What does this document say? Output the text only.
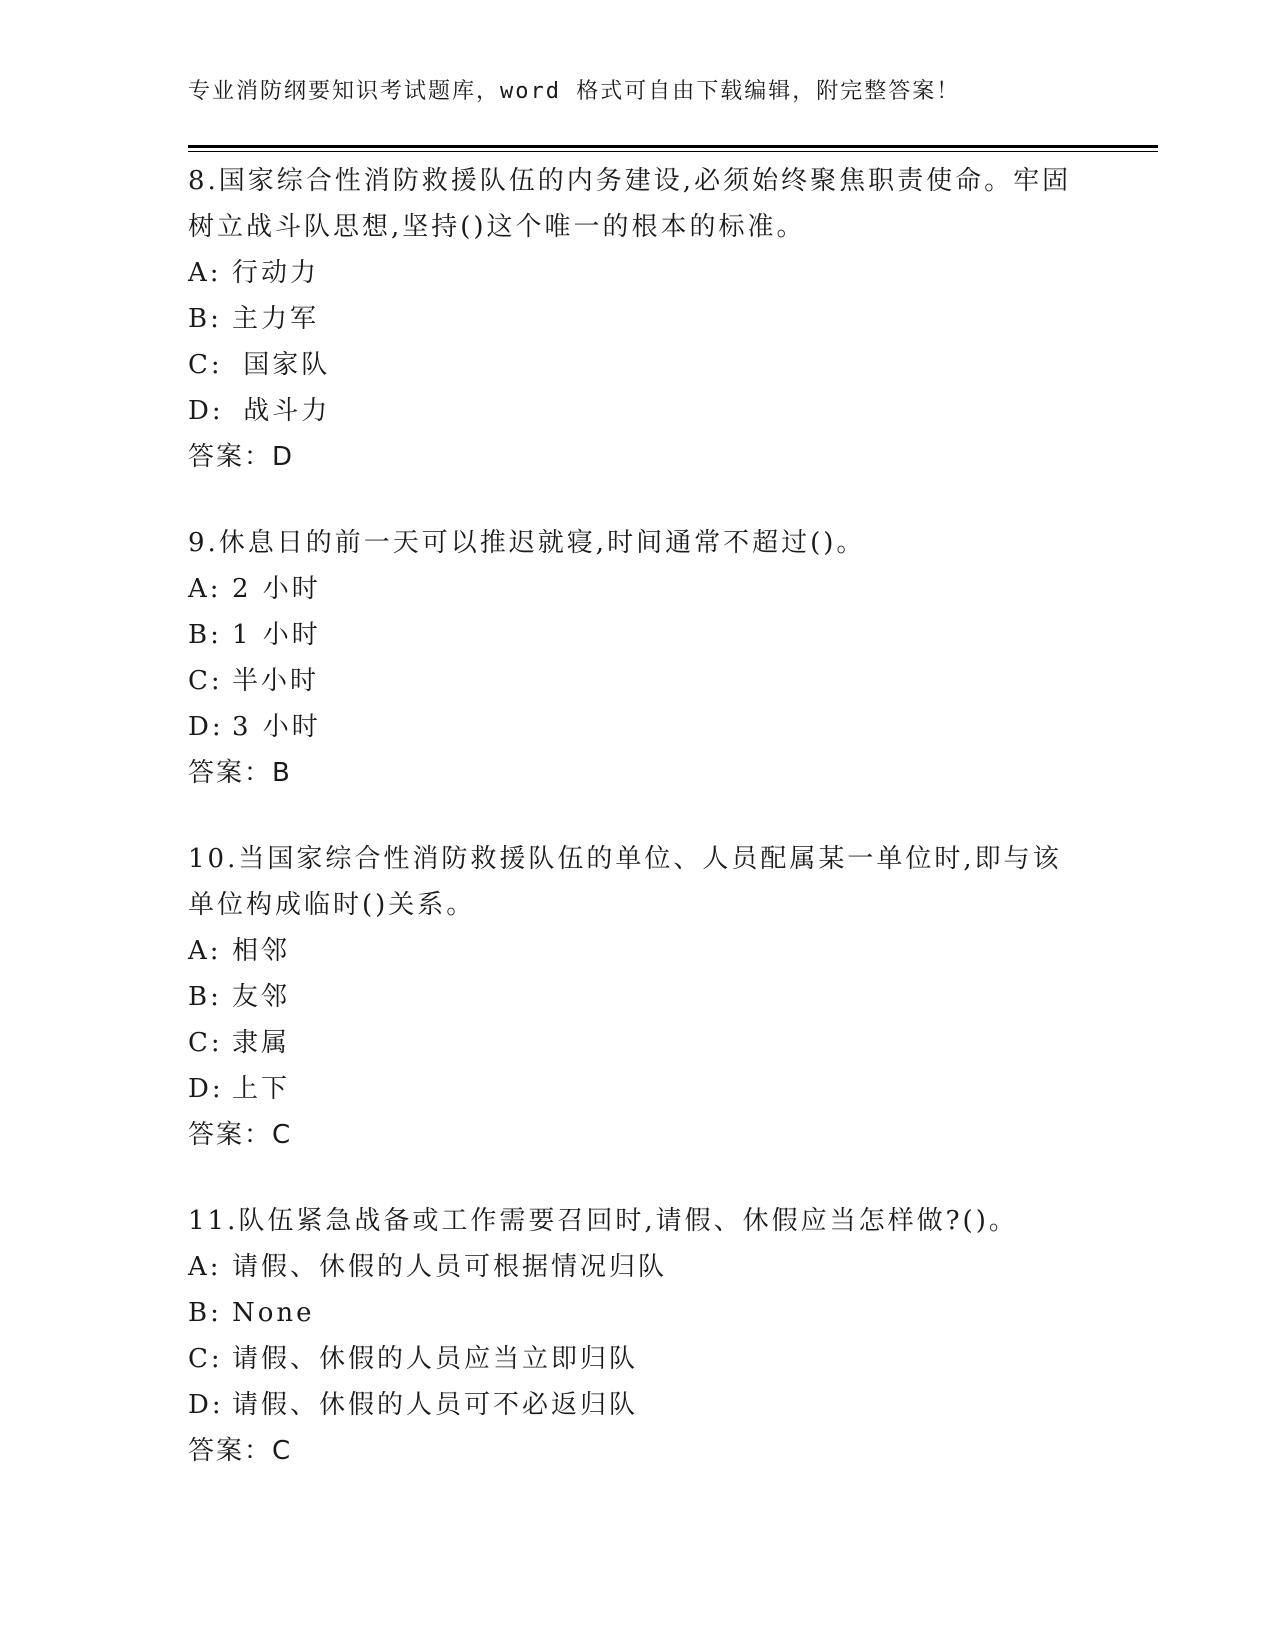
专业消防纲要知识考试题库，word 格式可自由下载编辑，附完整答案！

8.国家综合性消防救援队伍的内务建设,必须始终聚焦职责使命。牢固树立战斗队思想,坚持()这个唯一的根本的标准。

A: 行动力
B: 主力军
C: 国家队
D: 战斗力
答案：D

9.休息日的前一天可以推迟就寝,时间通常不超过()。

A: 2 小时
B: 1 小时
C: 半小时
D: 3 小时
答案：B

10.当国家综合性消防救援队伍的单位、人员配属某一单位时,即与该单位构成临时()关系。

A: 相邻
B: 友邻
C: 隶属
D: 上下
答案：C

11.队伍紧急战备或工作需要召回时,请假、休假应当怎样做?()。

A: 请假、休假的人员可根据情况归队
B: None
C: 请假、休假的人员应当立即归队
D: 请假、休假的人员可不必返归队
答案：C
